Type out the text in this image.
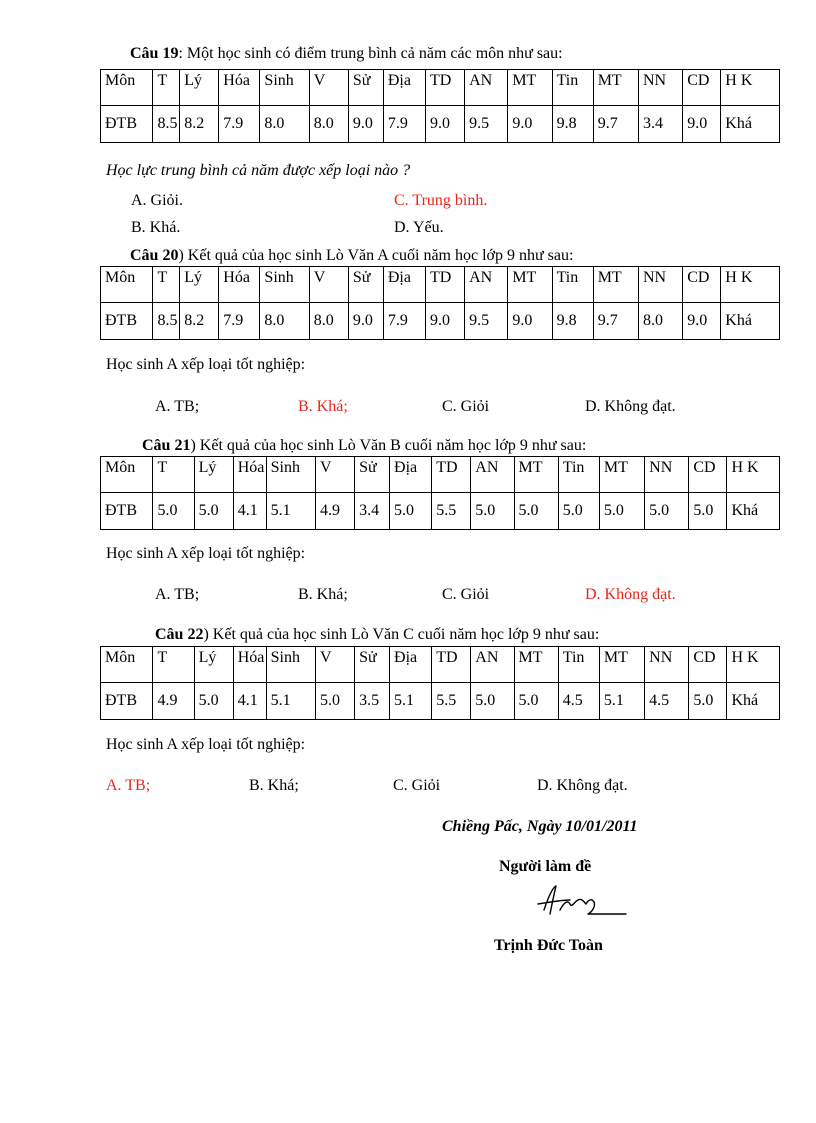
Câu 19: Một học sinh có điểm trung bình cả năm các môn như sau:
Môn	T	Lý	Hóa	Sinh	V	Sử	Địa	TD	AN	MT	Tin	MT	NN	CD	H K
ĐTB	8.5	8.2	7.9	8.0	8.0	9.0	7.9	9.0	9.5	9.0	9.8	9.7	3.4	9.0	Khá
Học lực trung bình cả năm được xếp loại nào ?
A. Giỏi.	C. Trung bình.
B. Khá.	D. Yếu.
Câu 20) Kết quả của học sinh Lò Văn A cuối năm học lớp 9 như sau:
Môn	T	Lý	Hóa	Sinh	V	Sử	Địa	TD	AN	MT	Tin	MT	NN	CD	H K
ĐTB	8.5	8.2	7.9	8.0	8.0	9.0	7.9	9.0	9.5	9.0	9.8	9.7	8.0	9.0	Khá
Học sinh A xếp loại tốt nghiệp:
A. TB;	B. Khá;	C. Giỏi	D. Không đạt.
Câu 21) Kết quả của học sinh Lò Văn B cuối năm học lớp 9 như sau:
Môn	T	Lý	Hóa	Sinh	V	Sử	Địa	TD	AN	MT	Tin	MT	NN	CD	H K
ĐTB	5.0	5.0	4.1	5.1	4.9	3.4	5.0	5.5	5.0	5.0	5.0	5.0	5.0	5.0	Khá
Học sinh A xếp loại tốt nghiệp:
A. TB;	B. Khá;	C. Giỏi	D. Không đạt.
Câu 22) Kết quả của học sinh Lò Văn C cuối năm học lớp 9 như sau:
Môn	T	Lý	Hóa	Sinh	V	Sử	Địa	TD	AN	MT	Tin	MT	NN	CD	H K
ĐTB	4.9	5.0	4.1	5.1	5.0	3.5	5.1	5.5	5.0	5.0	4.5	5.1	4.5	5.0	Khá
Học sinh A xếp loại tốt nghiệp:
A. TB;	B. Khá;	C. Giỏi	D. Không đạt.
Chiềng Pấc, Ngày 10/01/2011
Người làm đề
Trịnh Đức Toàn
